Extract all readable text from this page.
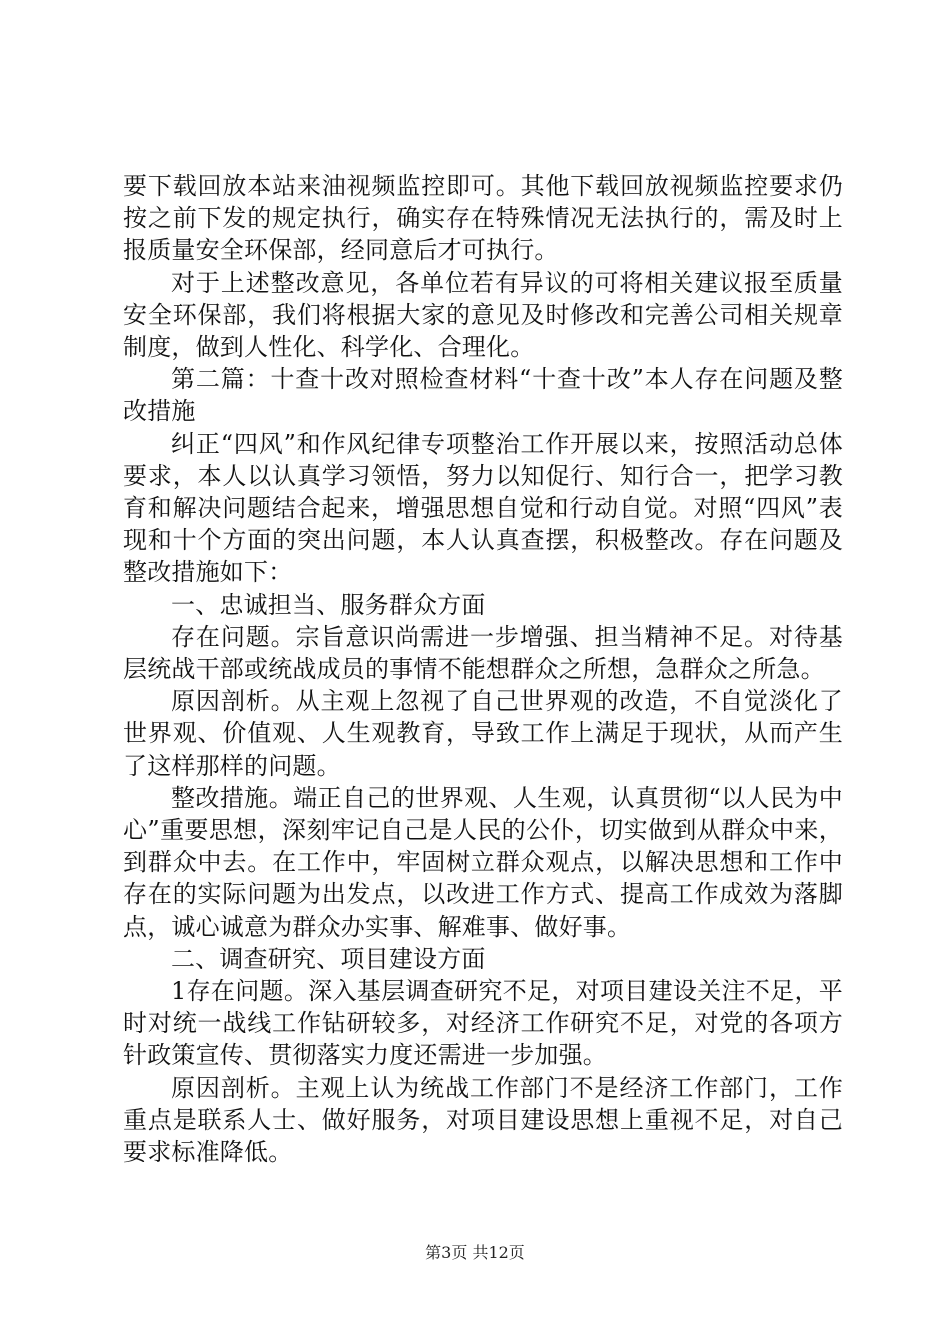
要下载回放本站来油视频监控即可。其他下载回放视频监控要求仍按之前下发的规定执行，确实存在特殊情况无法执行的，需及时上报质量安全环保部，经同意后才可执行。

对于上述整改意见，各单位若有异议的可将相关建议报至质量安全环保部，我们将根据大家的意见及时修改和完善公司相关规章制度，做到人性化、科学化、合理化。

第二篇：十查十改对照检查材料“十查十改”本人存在问题及整改措施

纠正“四风”和作风纪律专项整治工作开展以来，按照活动总体要求，本人以认真学习领悟，努力以知促行、知行合一，把学习教育和解决问题结合起来，增强思想自觉和行动自觉。对照“四风”表现和十个方面的突出问题，本人认真查摆，积极整改。存在问题及整改措施如下：

一、忠诚担当、服务群众方面

存在问题。宗旨意识尚需进一步增强、担当精神不足。对待基层统战干部或统战成员的事情不能想群众之所想，急群众之所急。

原因剖析。从主观上忽视了自己世界观的改造，不自觉淡化了世界观、价值观、人生观教育，导致工作上满足于现状，从而产生了这样那样的问题。

整改措施。端正自己的世界观、人生观，认真贯彻“以人民为中心”重要思想，深刻牢记自己是人民的公仆，切实做到从群众中来，到群众中去。在工作中，牢固树立群众观点，以解决思想和工作中存在的实际问题为出发点，以改进工作方式、提高工作成效为落脚点，诚心诚意为群众办实事、解难事、做好事。

二、调查研究、项目建设方面

1存在问题。深入基层调查研究不足，对项目建设关注不足，平时对统一战线工作钻研较多，对经济工作研究不足，对党的各项方针政策宣传、贯彻落实力度还需进一步加强。

原因剖析。主观上认为统战工作部门不是经济工作部门，工作重点是联系人士、做好服务，对项目建设思想上重视不足，对自己要求标准降低。

第3页 共12页
